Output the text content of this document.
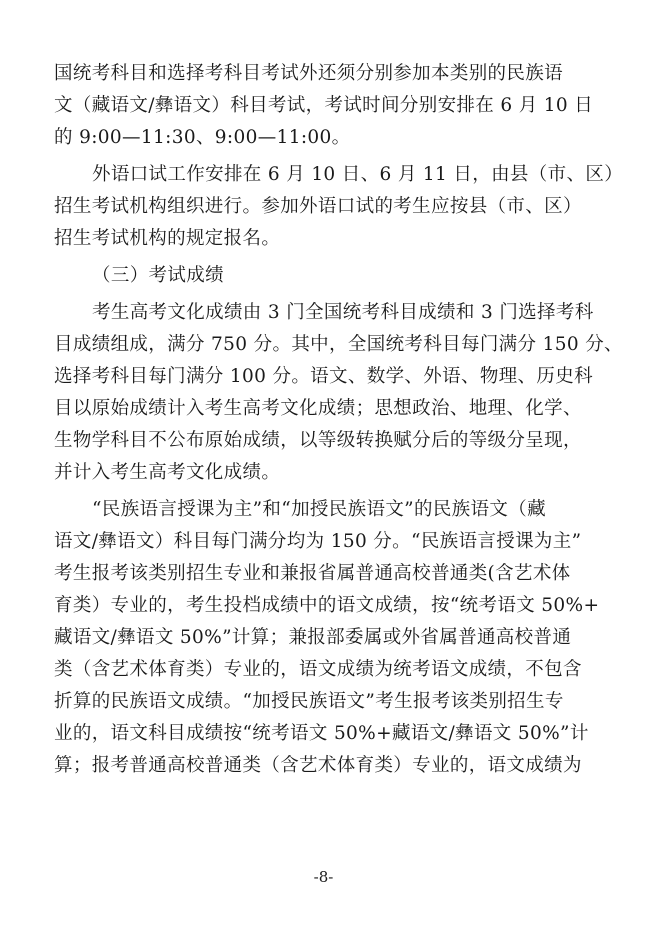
国统考科目和选择考科目考试外还须分别参加本类别的民族语
文（藏语文/彝语文）科目考试，考试时间分别安排在 6 月 10 日
的 9:00—11:30、9:00—11:00。
外语口试工作安排在 6 月 10 日、6 月 11 日，由县（市、区）
招生考试机构组织进行。参加外语口试的考生应按县（市、区）
招生考试机构的规定报名。
（三）考试成绩
考生高考文化成绩由 3 门全国统考科目成绩和 3 门选择考科
目成绩组成，满分 750 分。其中，全国统考科目每门满分 150 分、
选择考科目每门满分 100 分。语文、数学、外语、物理、历史科
目以原始成绩计入考生高考文化成绩；思想政治、地理、化学、
生物学科目不公布原始成绩，以等级转换赋分后的等级分呈现，
并计入考生高考文化成绩。
“民族语言授课为主”和“加授民族语文”的民族语文（藏
语文/彝语文）科目每门满分均为 150 分。“民族语言授课为主”
考生报考该类别招生专业和兼报省属普通高校普通类(含艺术体
育类）专业的，考生投档成绩中的语文成绩，按“统考语文 50%+
藏语文/彝语文 50%”计算；兼报部委属或外省属普通高校普通
类（含艺术体育类）专业的，语文成绩为统考语文成绩，不包含
折算的民族语文成绩。“加授民族语文”考生报考该类别招生专
业的，语文科目成绩按“统考语文 50%+藏语文/彝语文 50%”计
算；报考普通高校普通类（含艺术体育类）专业的，语文成绩为
-8-
